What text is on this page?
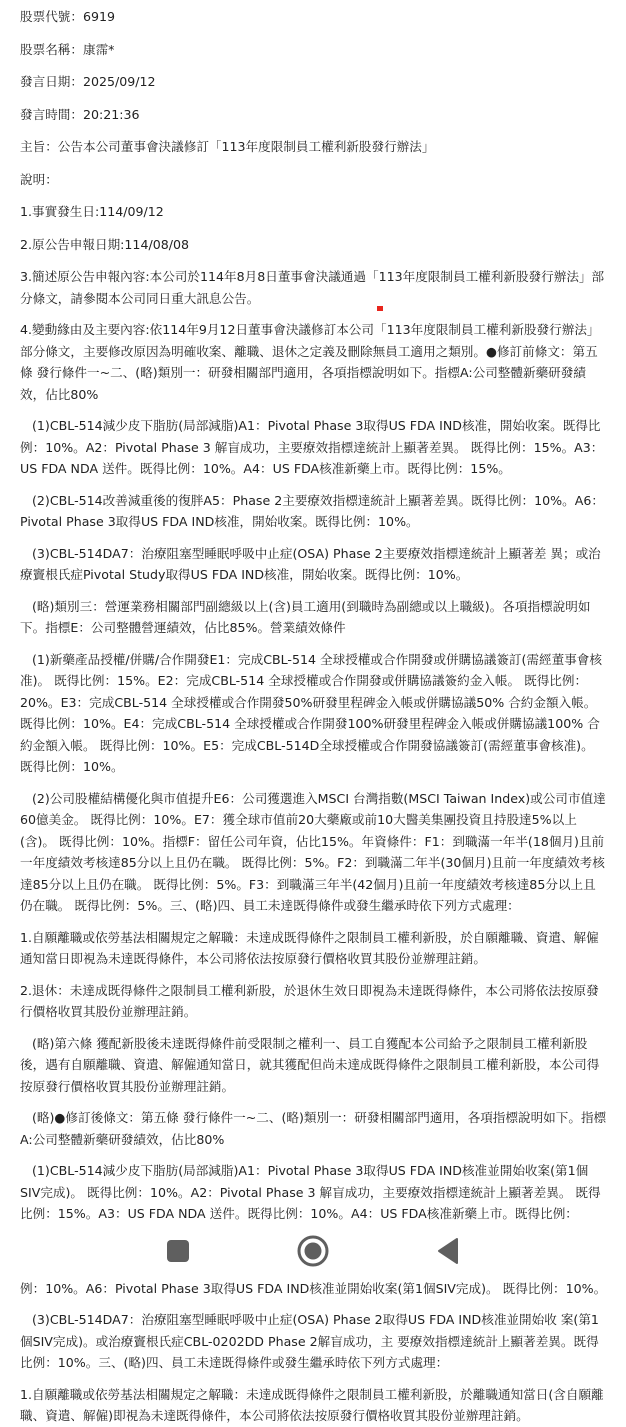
股票代號：6919
股票名稱：康霈*
發言日期：2025/09/12
發言時間：20:21:36
主旨：公告本公司董事會決議修訂「113年度限制員工權利新股發行辦法」
說明：
1.事實發生日:114/09/12
2.原公告申報日期:114/08/08
3.簡述原公告申報內容:本公司於114年8月8日董事會決議通過「113年度限制員工權利新股發行辦法」部分條文，請參閱本公司同日重大訊息公告。
4.變動緣由及主要內容:依114年9月12日董事會決議修訂本公司「113年度限制員工權利新股發行辦法」部分條文，主要修改原因為明確收案、離職、退休之定義及刪除無員工適用之類別。●修訂前條文：第五條 發行條件一~二、(略)類別一：研發相關部門適用，各項指標說明如下。指標A:公司整體新藥研發績效，佔比80%
(1)CBL-514減少皮下脂肪(局部減脂)A1：Pivotal Phase 3取得US FDA IND核准，開始收案。既得比例：10%。A2：Pivotal Phase 3 解盲成功，主要療效指標達統計上顯著差異。 既得比例：15%。A3：US FDA NDA 送件。既得比例：10%。A4：US FDA核准新藥上市。既得比例：15%。
(2)CBL-514改善減重後的復胖A5：Phase 2主要療效指標達統計上顯著差異。既得比例：10%。A6：Pivotal Phase 3取得US FDA IND核准，開始收案。既得比例：10%。
(3)CBL-514DA7：治療阻塞型睡眠呼吸中止症(OSA) Phase 2主要療效指標達統計上顯著差 異；或治療竇根氏症Pivotal Study取得US FDA IND核准，開始收案。既得比例：10%。
(略)類別三：營運業務相關部門副總級以上(含)員工適用(到職時為副總或以上職級)。各項指標說明如下。指標E：公司整體營運績效，佔比85%。營業績效條件
(1)新藥產品授權/併購/合作開發E1：完成CBL-514 全球授權或合作開發或併購協議簽訂(需經董事會核准)。 既得比例：15%。E2：完成CBL-514 全球授權或合作開發或併購協議簽約金入帳。 既得比例：20%。E3：完成CBL-514 全球授權或合作開發50%研發里程碑金入帳或併購協議50% 合約金額入帳。 既得比例：10%。E4：完成CBL-514 全球授權或合作開發100%研發里程碑金入帳或併購協議100% 合約金額入帳。 既得比例：10%。E5：完成CBL-514D全球授權或合作開發協議簽訂(需經董事會核准)。 既得比例：10%。
(2)公司股權結構優化與市值提升E6：公司獲選進入MSCI 台灣指數(MSCI Taiwan Index)或公司市值達60億美金。 既得比例：10%。E7：獲全球市值前20大藥廠或前10大醫美集團投資且持股達5%以上(含)。 既得比例：10%。指標F：留任公司年資，佔比15%。年資條件：F1：到職滿一年半(18個月)且前一年度績效考核達85分以上且仍在職。 既得比例：5%。F2：到職滿二年半(30個月)且前一年度績效考核達85分以上且仍在職。 既得比例：5%。F3：到職滿三年半(42個月)且前一年度績效考核達85分以上且仍在職。 既得比例：5%。三、(略)四、員工未達既得條件或發生繼承時依下列方式處理：
1.自願離職或依勞基法相關規定之解職：未達成既得條件之限制員工權利新股，於自願離職、資遣、解僱通知當日即視為未達既得條件，本公司將依法按原發行價格收買其股份並辦理註銷。
2.退休：未達成既得條件之限制員工權利新股，於退休生效日即視為未達既得條件，本公司將依法按原發行價格收買其股份並辦理註銷。
(略)第六條 獲配新股後未達既得條件前受限制之權利一、員工自獲配本公司給予之限制員工權利新股後，遇有自願離職、資遣、解僱通知當日，就其獲配但尚未達成既得條件之限制員工權利新股，本公司得按原發行價格收買其股份並辦理註銷。
(略)●修訂後條文：第五條 發行條件一~二、(略)類別一：研發相關部門適用，各項指標說明如下。指標A:公司整體新藥研發績效，佔比80%
(1)CBL-514減少皮下脂肪(局部減脂)A1：Pivotal Phase 3取得US FDA IND核准並開始收案(第1個SIV完成)。 既得比例：10%。A2：Pivotal Phase 3 解盲成功，主要療效指標達統計上顯著差異。 既得比例：15%。A3：US FDA NDA 送件。既得比例：10%。A4：US FDA核准新藥上市。既得比例：
例：10%。A6：Pivotal Phase 3取得US FDA IND核准並開始收案(第1個SIV完成)。 既得比例：10%。
(3)CBL-514DA7：治療阻塞型睡眠呼吸中止症(OSA) Phase 2取得US FDA IND核准並開始收 案(第1個SIV完成)。或治療竇根氏症CBL-0202DD Phase 2解盲成功，主 要療效指標達統計上顯著差異。既得比例：10%。三、(略)四、員工未達既得條件或發生繼承時依下列方式處理：
1.自願離職或依勞基法相關規定之解職：未達成既得條件之限制員工權利新股，於離職通知當日(含自願離職、資遣、解僱)即視為未達既得條件，本公司將依法按原發行價格收買其股份並辦理註銷。
